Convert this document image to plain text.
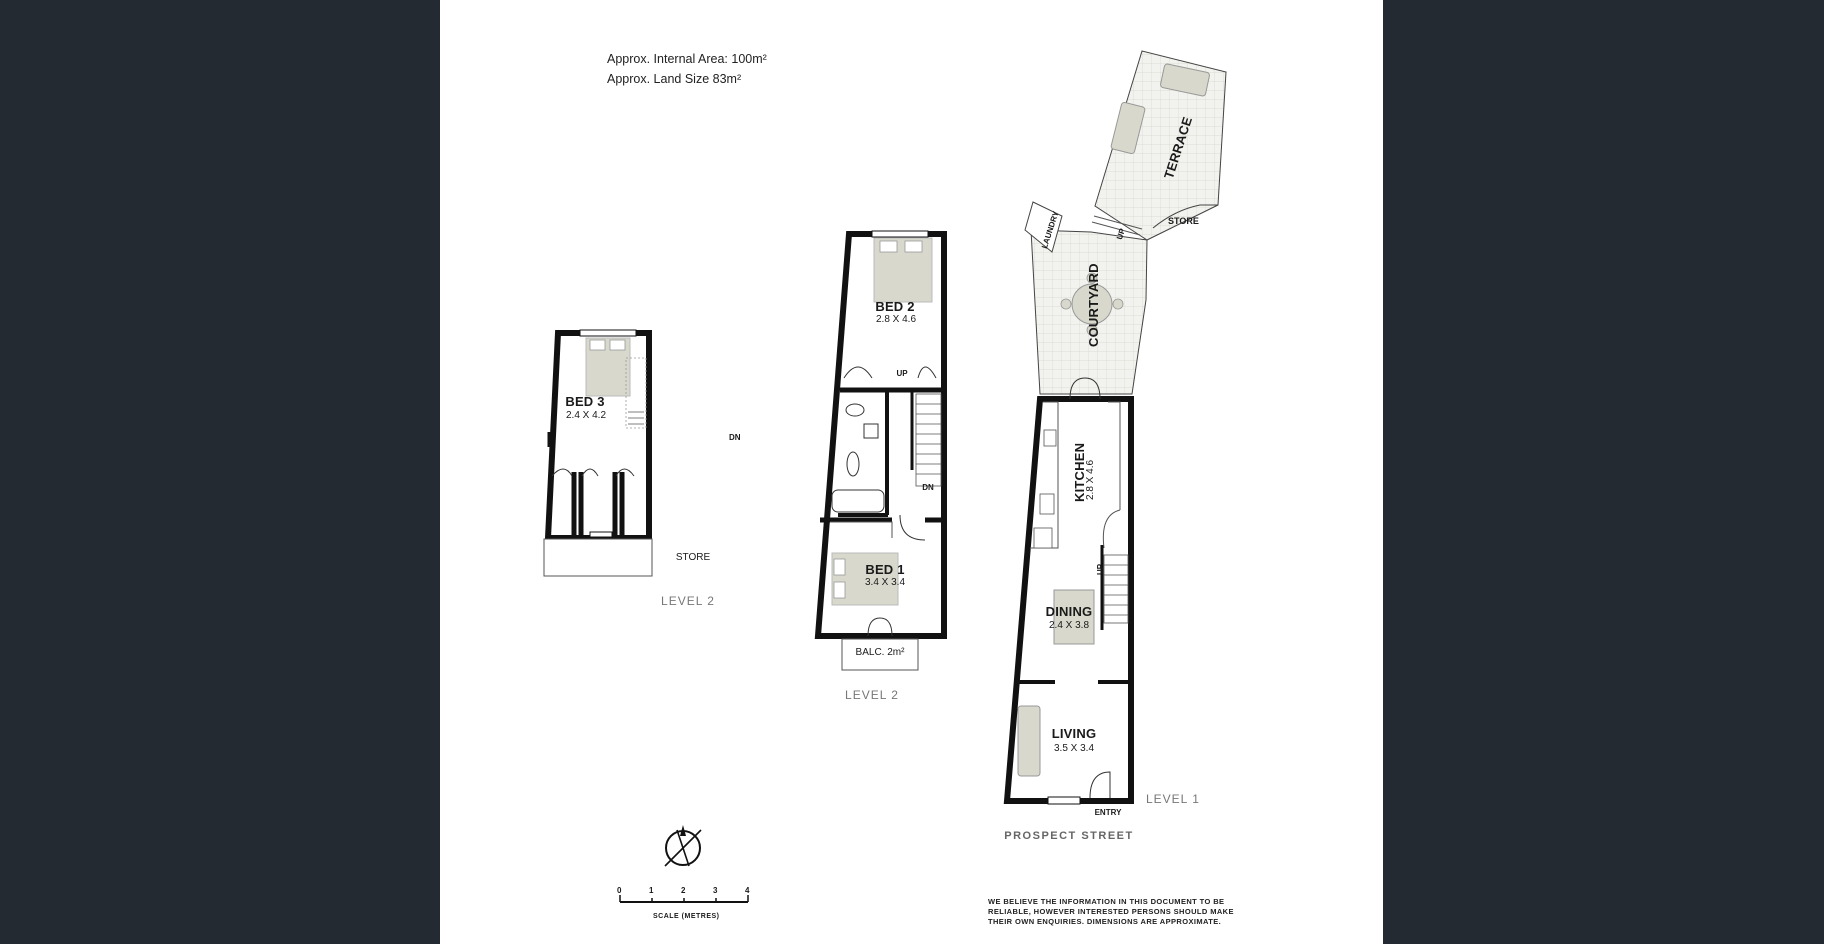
Approx. Internal Area: 100m²
Approx. Land Size 83m²
BED 3
2.4 X 4.2
DN
STORE
LEVEL 2
BED 2
2.8 X 4.6
UP
DN
BED 1
3.4 X 3.4
BALC. 2m²
LEVEL 2
TERRACE
STORE
LAUNDRY	UP
COURTYARD
KITCHEN
2.8 X 4.6
UP
DINING
2.4 X 3.8
LIVING
3.5 X 3.4
ENTRY
LEVEL 1
PROSPECT STREET
0	1	2	3	4
SCALE (METRES)
WE BELIEVE THE INFORMATION IN THIS DOCUMENT TO BE RELIABLE, HOWEVER INTERESTED PERSONS SHOULD MAKE THEIR OWN ENQUIRIES. DIMENSIONS ARE APPROXIMATE.
